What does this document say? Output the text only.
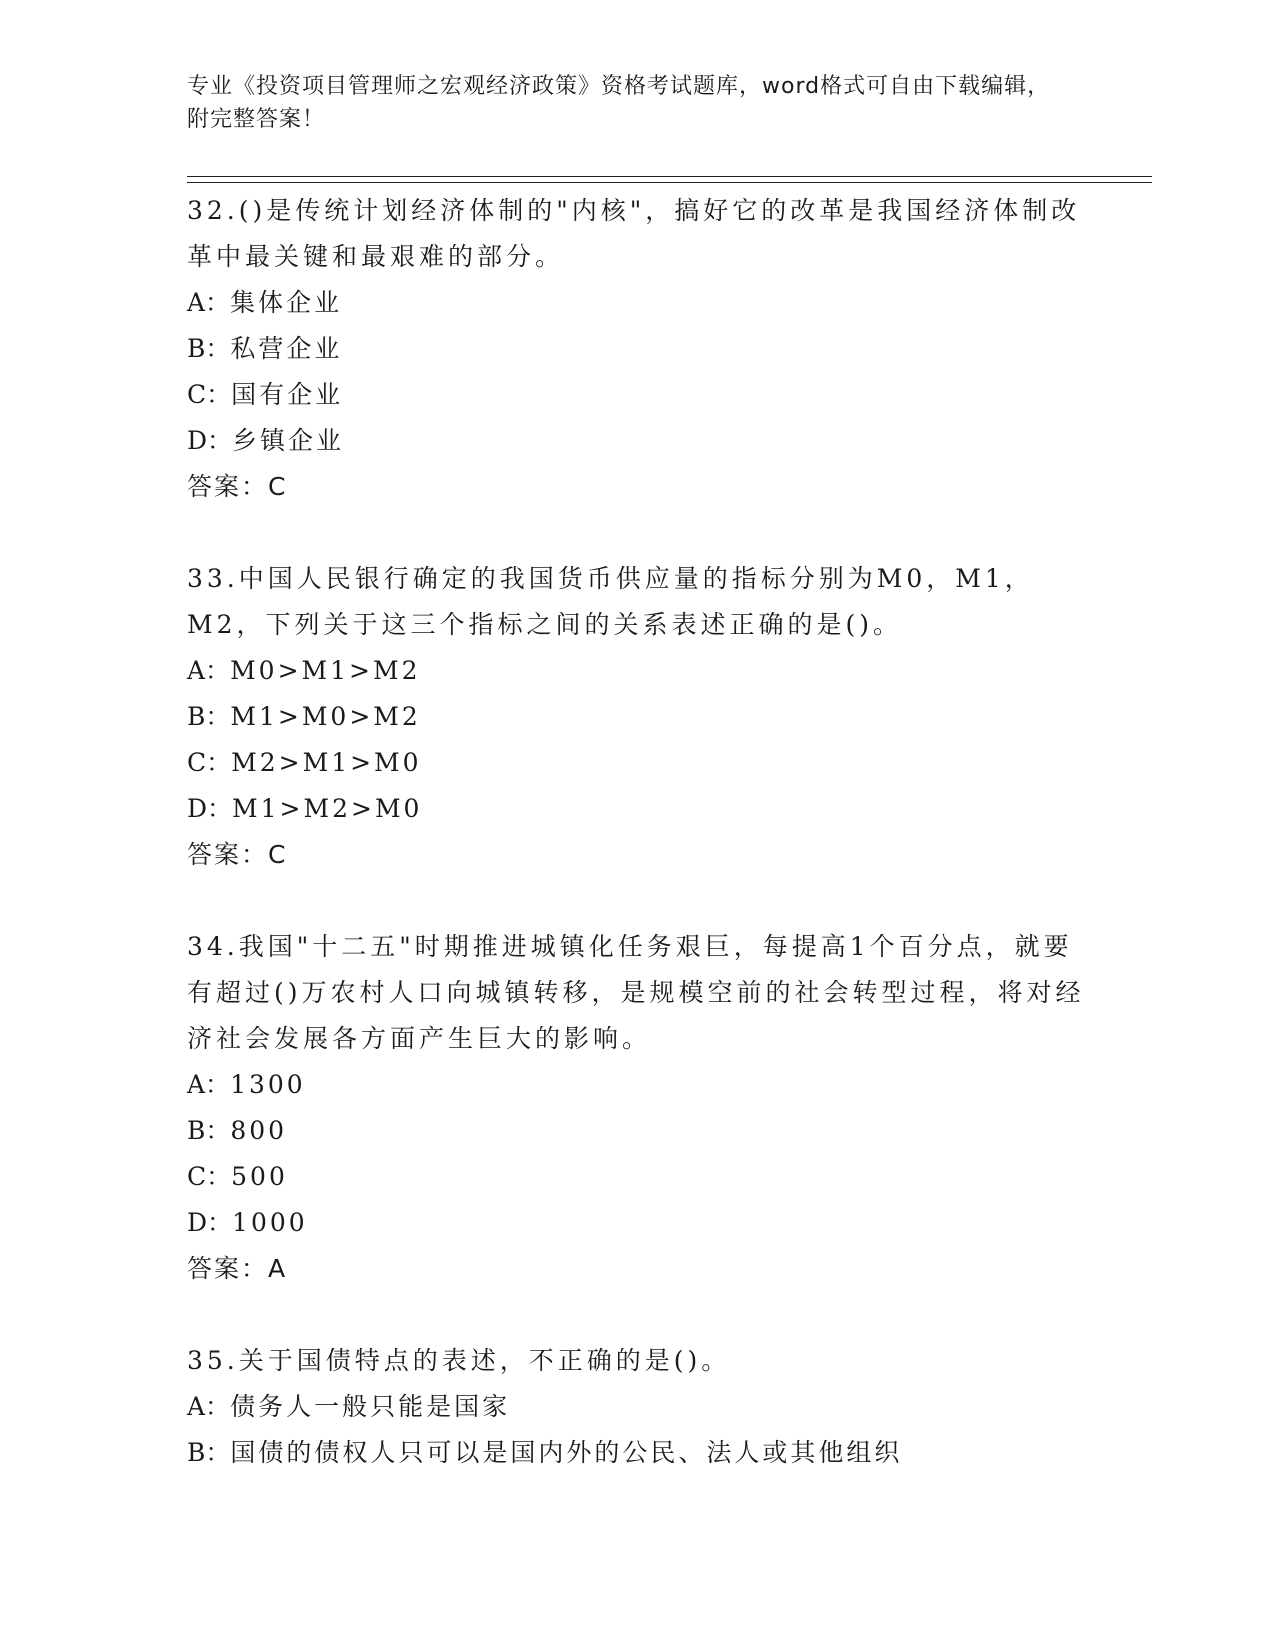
专业《投资项目管理师之宏观经济政策》资格考试题库，word格式可自由下载编辑，附完整答案！

32.()是传统计划经济体制的"内核"，搞好它的改革是我国经济体制改革中最关键和最艰难的部分。

A：集体企业

B：私营企业

C：国有企业

D：乡镇企业

答案：C

33.中国人民银行确定的我国货币供应量的指标分别为M0，M1，M2，下列关于这三个指标之间的关系表述正确的是()。

A：M0>M1>M2

B：M1>M0>M2

C：M2>M1>M0

D：M1>M2>M0

答案：C

34.我国"十二五"时期推进城镇化任务艰巨，每提高1个百分点，就要有超过()万农村人口向城镇转移，是规模空前的社会转型过程，将对经济社会发展各方面产生巨大的影响。

A：1300

B：800

C：500

D：1000

答案：A

35.关于国债特点的表述，不正确的是()。

A：债务人一般只能是国家

B：国债的债权人只可以是国内外的公民、法人或其他组织
